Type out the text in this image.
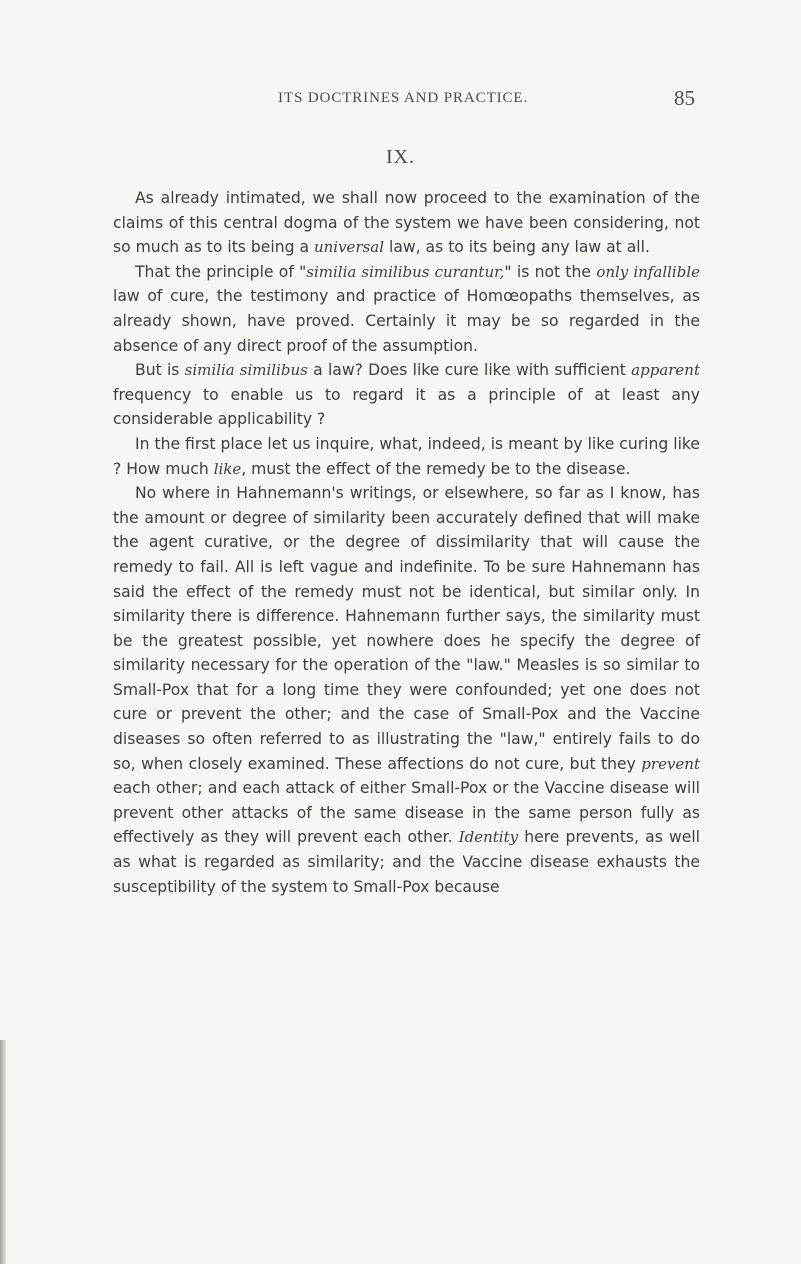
ITS DOCTRINES AND PRACTICE.	85
IX.

As already intimated, we shall now proceed to the examination of the claims of this central dogma of the system we have been considering, not so much as to its being a universal law, as to its being any law at all.

That the principle of "similia similibus curantur," is not the only infallible law of cure, the testimony and practice of Homœopaths themselves, as already shown, have proved. Certainly it may be so regarded in the absence of any direct proof of the assumption.

But is similia similibus a law? Does like cure like with sufficient apparent frequency to enable us to regard it as a principle of at least any considerable applicability ?

In the first place let us inquire, what, indeed, is meant by like curing like ? How much like, must the effect of the remedy be to the disease.

No where in Hahnemann's writings, or elsewhere, so far as I know, has the amount or degree of similarity been accurately defined that will make the agent curative, or the degree of dissimilarity that will cause the remedy to fail. All is left vague and indefinite. To be sure Hahnemann has said the effect of the remedy must not be identical, but similar only. In similarity there is difference. Hahnemann further says, the similarity must be the greatest possible, yet nowhere does he specify the degree of similarity necessary for the operation of the "law." Measles is so similar to Small-Pox that for a long time they were confounded; yet one does not cure or prevent the other; and the case of Small-Pox and the Vaccine diseases so often referred to as illustrating the "law," entirely fails to do so, when closely examined. These affections do not cure, but they prevent each other; and each attack of either Small-Pox or the Vaccine disease will prevent other attacks of the same disease in the same person fully as effectively as they will prevent each other. Identity here prevents, as well as what is regarded as similarity; and the Vaccine disease exhausts the susceptibility of the system to Small-Pox because
